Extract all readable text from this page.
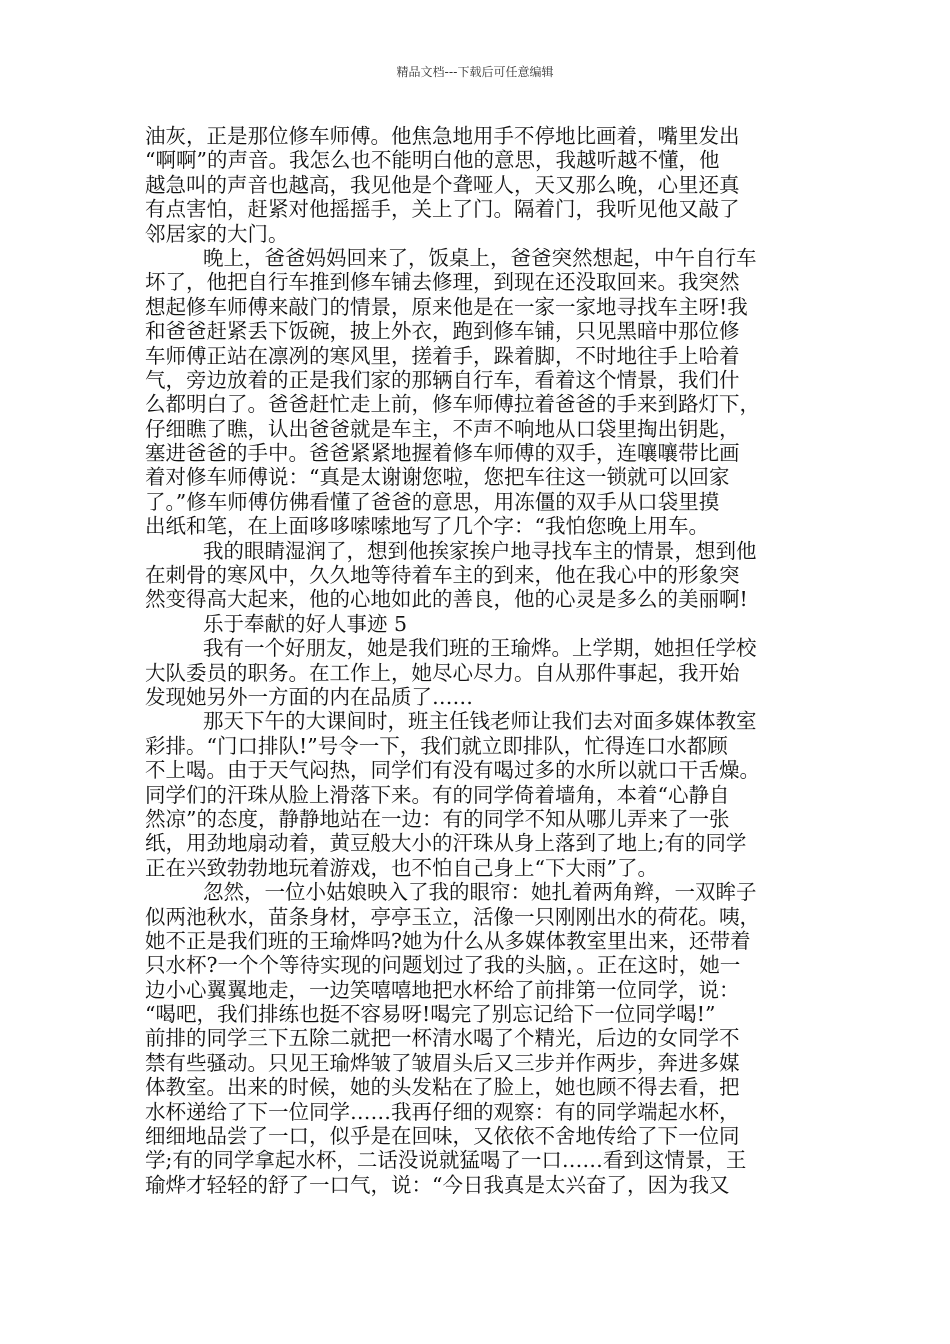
精品文档---下载后可任意编辑
油灰，正是那位修车师傅。他焦急地用手不停地比画着，嘴里发出
“啊啊”的声音。我怎么也不能明白他的意思，我越听越不懂，他
越急叫的声音也越高，我见他是个聋哑人，天又那么晚，心里还真
有点害怕，赶紧对他摇摇手，关上了门。隔着门，我听见他又敲了
邻居家的大门。
晚上，爸爸妈妈回来了，饭桌上，爸爸突然想起，中午自行车
坏了，他把自行车推到修车铺去修理，到现在还没取回来。我突然
想起修车师傅来敲门的情景，原来他是在一家一家地寻找车主呀!我
和爸爸赶紧丢下饭碗，披上外衣，跑到修车铺，只见黑暗中那位修
车师傅正站在凛冽的寒风里，搓着手，跺着脚，不时地往手上哈着
气，旁边放着的正是我们家的那辆自行车，看着这个情景，我们什
么都明白了。爸爸赶忙走上前，修车师傅拉着爸爸的手来到路灯下，
仔细瞧了瞧，认出爸爸就是车主，不声不响地从口袋里掏出钥匙，
塞进爸爸的手中。爸爸紧紧地握着修车师傅的双手，连嚷嚷带比画
着对修车师傅说：“真是太谢谢您啦，您把车往这一锁就可以回家
了。”修车师傅仿佛看懂了爸爸的意思，用冻僵的双手从口袋里摸
出纸和笔，在上面哆哆嗦嗦地写了几个字：“我怕您晚上用车。
我的眼睛湿润了，想到他挨家挨户地寻找车主的情景，想到他
在刺骨的寒风中，久久地等待着车主的到来，他在我心中的形象突
然变得高大起来，他的心地如此的善良，他的心灵是多么的美丽啊!
乐于奉献的好人事迹 5
我有一个好朋友，她是我们班的王瑜烨。上学期，她担任学校
大队委员的职务。在工作上，她尽心尽力。自从那件事起，我开始
发现她另外一方面的内在品质了……
那天下午的大课间时，班主任钱老师让我们去对面多媒体教室
彩排。“门口排队!”号令一下，我们就立即排队，忙得连口水都顾
不上喝。由于天气闷热，同学们有没有喝过多的水所以就口干舌燥。
同学们的汗珠从脸上滑落下来。有的同学倚着墙角，本着“心静自
然凉”的态度，静静地站在一边：有的同学不知从哪儿弄来了一张
纸，用劲地扇动着，黄豆般大小的汗珠从身上落到了地上;有的同学
正在兴致勃勃地玩着游戏，也不怕自己身上“下大雨”了。
忽然，一位小姑娘映入了我的眼帘：她扎着两角辫，一双眸子
似两池秋水，苗条身材，亭亭玉立，活像一只刚刚出水的荷花。咦，
她不正是我们班的王瑜烨吗?她为什么从多媒体教室里出来，还带着
只水杯?一个个等待实现的问题划过了我的头脑，。正在这时，她一
边小心翼翼地走，一边笑嘻嘻地把水杯给了前排第一位同学，说：
“喝吧，我们排练也挺不容易呀!喝完了别忘记给下一位同学喝!”
前排的同学三下五除二就把一杯清水喝了个精光，后边的女同学不
禁有些骚动。只见王瑜烨皱了皱眉头后又三步并作两步，奔进多媒
体教室。出来的时候，她的头发粘在了脸上，她也顾不得去看，把
水杯递给了下一位同学……我再仔细的观察：有的同学端起水杯，
细细地品尝了一口，似乎是在回味，又依依不舍地传给了下一位同
学;有的同学拿起水杯，二话没说就猛喝了一口……看到这情景，王
瑜烨才轻轻的舒了一口气，说：“今日我真是太兴奋了，因为我又
